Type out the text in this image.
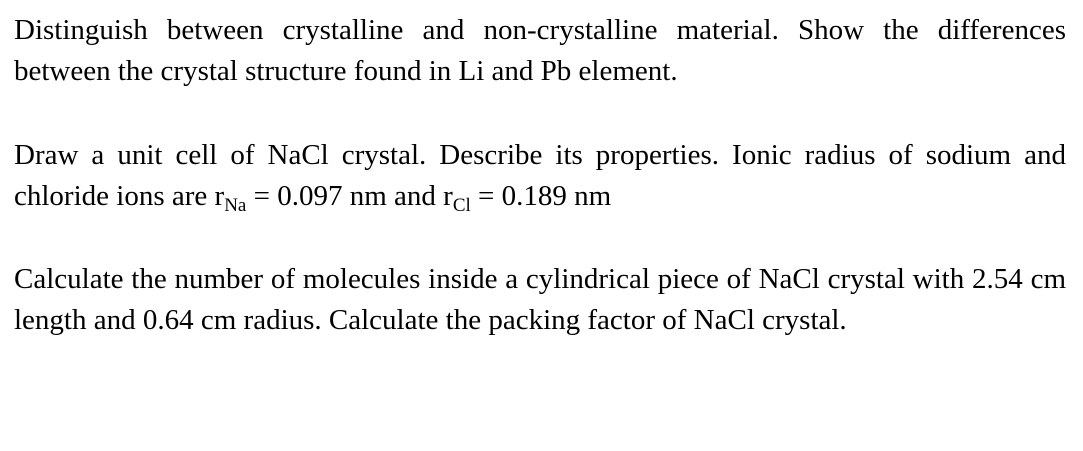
Distinguish between crystalline and non-crystalline material. Show the differences between the crystal structure found in Li and Pb element.

Draw a unit cell of NaCl crystal. Describe its properties. Ionic radius of sodium and chloride ions are $r_{Na} = 0.097$ nm and $r_{Cl} = 0.189$ nm

Calculate the number of molecules inside a cylindrical piece of NaCl crystal with 2.54 cm length and 0.64 cm radius. Calculate the packing factor of NaCl crystal.
